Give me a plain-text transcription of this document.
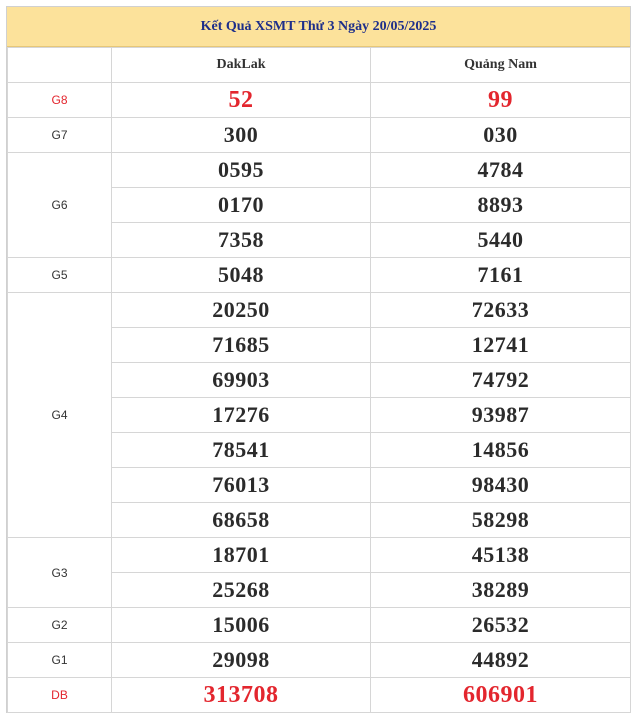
Kết Quả XSMT Thứ 3 Ngày 20/05/2025
	DakLak	Quảng Nam
G8	52	99
G7	300	030
G6	0595	4784
	0170	8893
	7358	5440
G5	5048	7161
G4	20250	72633
	71685	12741
	69903	74792
	17276	93987
	78541	14856
	76013	98430
	68658	58298
G3	18701	45138
	25268	38289
G2	15006	26532
G1	29098	44892
DB	313708	606901
